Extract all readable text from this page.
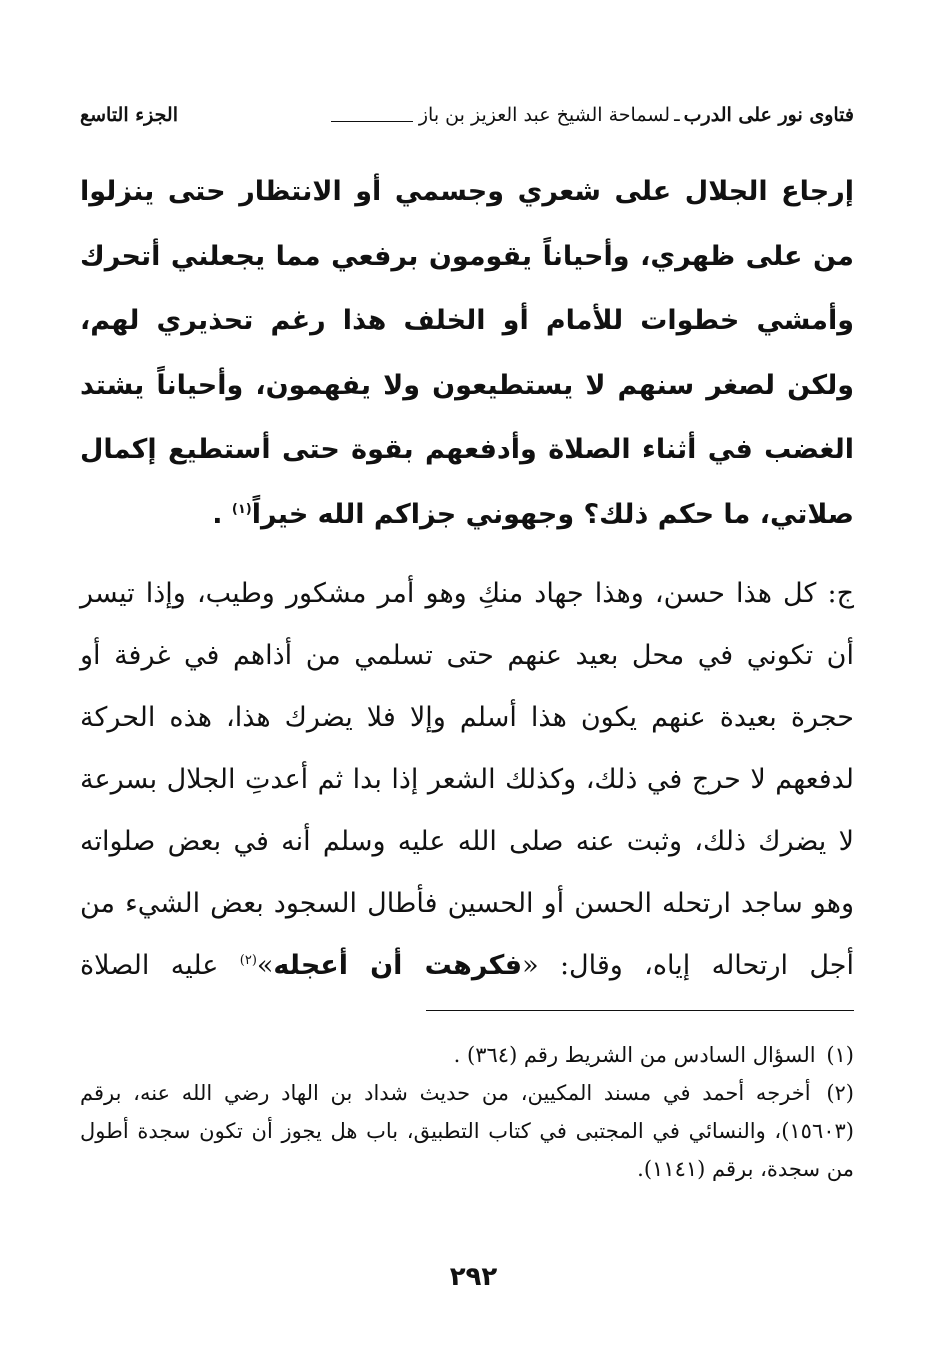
فتاوى نور على الدرب
ـ
لسماحة الشيخ عبد العزيز بن باز
الجزء التاسع
إرجاع الجلال على شعري وجسمي أو الانتظار حتى ينزلوا من على ظهري، وأحياناً يقومون برفعي مما يجعلني أتحرك وأمشي خطوات للأمام أو الخلف هذا رغم تحذيري لهم، ولكن لصغر سنهم لا يستطيعون ولا يفهمون، وأحياناً يشتد الغضب في أثناء الصلاة وأدفعهم بقوة حتى أستطيع إكمال صلاتي، ما حكم ذلك؟ وجهوني جزاكم الله خيراً$^{(١)}$ .
ج: كل هذا حسن، وهذا جهاد منكِ وهو أمر مشكور وطيب، وإذا تيسر أن تكوني في محل بعيد عنهم حتى تسلمي من أذاهم في غرفة أو حجرة بعيدة عنهم يكون هذا أسلم وإلا فلا يضرك هذا، هذه الحركة لدفعهم لا حرج في ذلك، وكذلك الشعر إذا بدا ثم أعدتِ الجلال بسرعة لا يضرك ذلك، وثبت عنه صلى الله عليه وسلم أنه في بعض صلواته وهو ساجد ارتحله الحسن أو الحسين فأطال السجود بعض الشيء من أجل ارتحاله إياه، وقال: «فكرهت أن أعجله»$^{(٢)}$ عليه الصلاة

(١) السؤال السادس من الشريط رقم (٣٦٤) .

(٢) أخرجه أحمد في مسند المكيين، من حديث شداد بن الهاد رضي الله عنه، برقم (١٥٦٠٣)، والنسائي في المجتبى في كتاب التطبيق، باب هل يجوز أن تكون سجدة أطول من سجدة، برقم (١١٤١).

٢٩٢
